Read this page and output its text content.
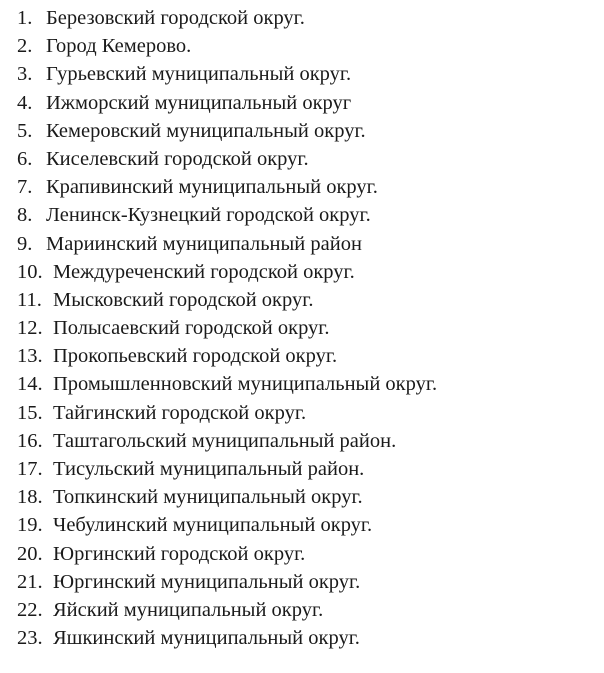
1. Березовский городской округ.
2. Город Кемерово.
3. Гурьевский муниципальный округ.
4. Ижморский муниципальный округ
5. Кемеровский муниципальный округ.
6. Киселевский городской округ.
7. Крапивинский муниципальный округ.
8. Ленинск-Кузнецкий городской округ.
9. Мариинский муниципальный район
10. Междуреченский городской округ.
11. Мысковский городской округ.
12. Полысаевский городской округ.
13. Прокопьевский городской округ.
14. Промышленновский муниципальный округ.
15. Тайгинский городской округ.
16. Таштагольский муниципальный район.
17. Тисульский муниципальный район.
18. Топкинский муниципальный округ.
19. Чебулинский муниципальный округ.
20. Юргинский городской округ.
21. Юргинский муниципальный округ.
22. Яйский муниципальный округ.
23. Яшкинский муниципальный округ.
